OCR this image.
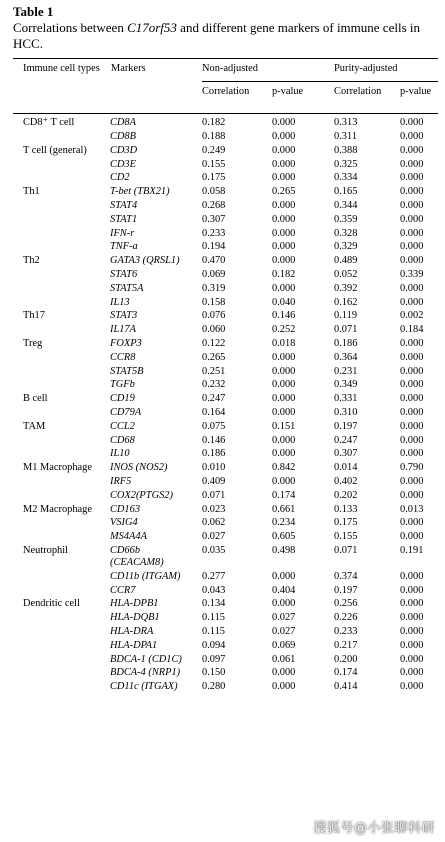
Table 1
Correlations between C17orf53 and different gene markers of immune cells in HCC.
Immune cell types	Markers	Non-adjusted		Purity-adjusted	
		Correlation	p-value	Correlation	p-value

CD8⁺ T cell	CD8A	0.182	0.000	0.313	0.000
	CD8B	0.188	0.000	0.311	0.000
T cell (general)	CD3D	0.249	0.000	0.388	0.000
	CD3E	0.155	0.000	0.325	0.000
	CD2	0.175	0.000	0.334	0.000
Th1	T-bet (TBX21)	0.058	0.265	0.165	0.000
	STAT4	0.268	0.000	0.344	0.000
	STAT1	0.307	0.000	0.359	0.000
	IFN-r	0.233	0.000	0.328	0.000
	TNF-a	0.194	0.000	0.329	0.000
Th2	GATA3 (QRSL1)	0.470	0.000	0.489	0.000
	STAT6	0.069	0.182	0.052	0.339
	STAT5A	0.319	0.000	0.392	0.000
	IL13	0.158	0.040	0.162	0.000
Th17	STAT3	0.076	0.146	0.119	0.002
	IL17A	0.060	0.252	0.071	0.184
Treg	FOXP3	0.122	0.018	0.186	0.000
	CCR8	0.265	0.000	0.364	0.000
	STAT5B	0.251	0.000	0.231	0.000
	TGFb	0.232	0.000	0.349	0.000
B cell	CD19	0.247	0.000	0.331	0.000
	CD79A	0.164	0.000	0.310	0.000
TAM	CCL2	0.075	0.151	0.197	0.000
	CD68	0.146	0.000	0.247	0.000
	IL10	0.186	0.000	0.307	0.000
M1 Macrophage	INOS (NOS2)	0.010	0.842	0.014	0.790
	IRF5	0.409	0.000	0.402	0.000
	COX2(PTGS2)	0.071	0.174	0.202	0.000
M2 Macrophage	CD163	0.023	0.661	0.133	0.013
	VSIG4	0.062	0.234	0.175	0.000
	MS4A4A	0.027	0.605	0.155	0.000
Neutrophil	CD66b (CEACAM8)	0.035	0.498	0.071	0.191
	CD11b (ITGAM)	0.277	0.000	0.374	0.000
	CCR7	0.043	0.404	0.197	0.000
Dendritic cell	HLA-DPB1	0.134	0.000	0.256	0.000
	HLA-DQB1	0.115	0.027	0.226	0.000
	HLA-DRA	0.115	0.027	0.233	0.000
	HLA-DPA1	0.094	0.069	0.217	0.000
	BDCA-1 (CD1C)	0.097	0.061	0.200	0.000
	BDCA-4 (NRP1)	0.150	0.000	0.174	0.000
	CD11c (ITGAX)	0.280	0.000	0.414	0.000
搜狐号@小张聊科研
